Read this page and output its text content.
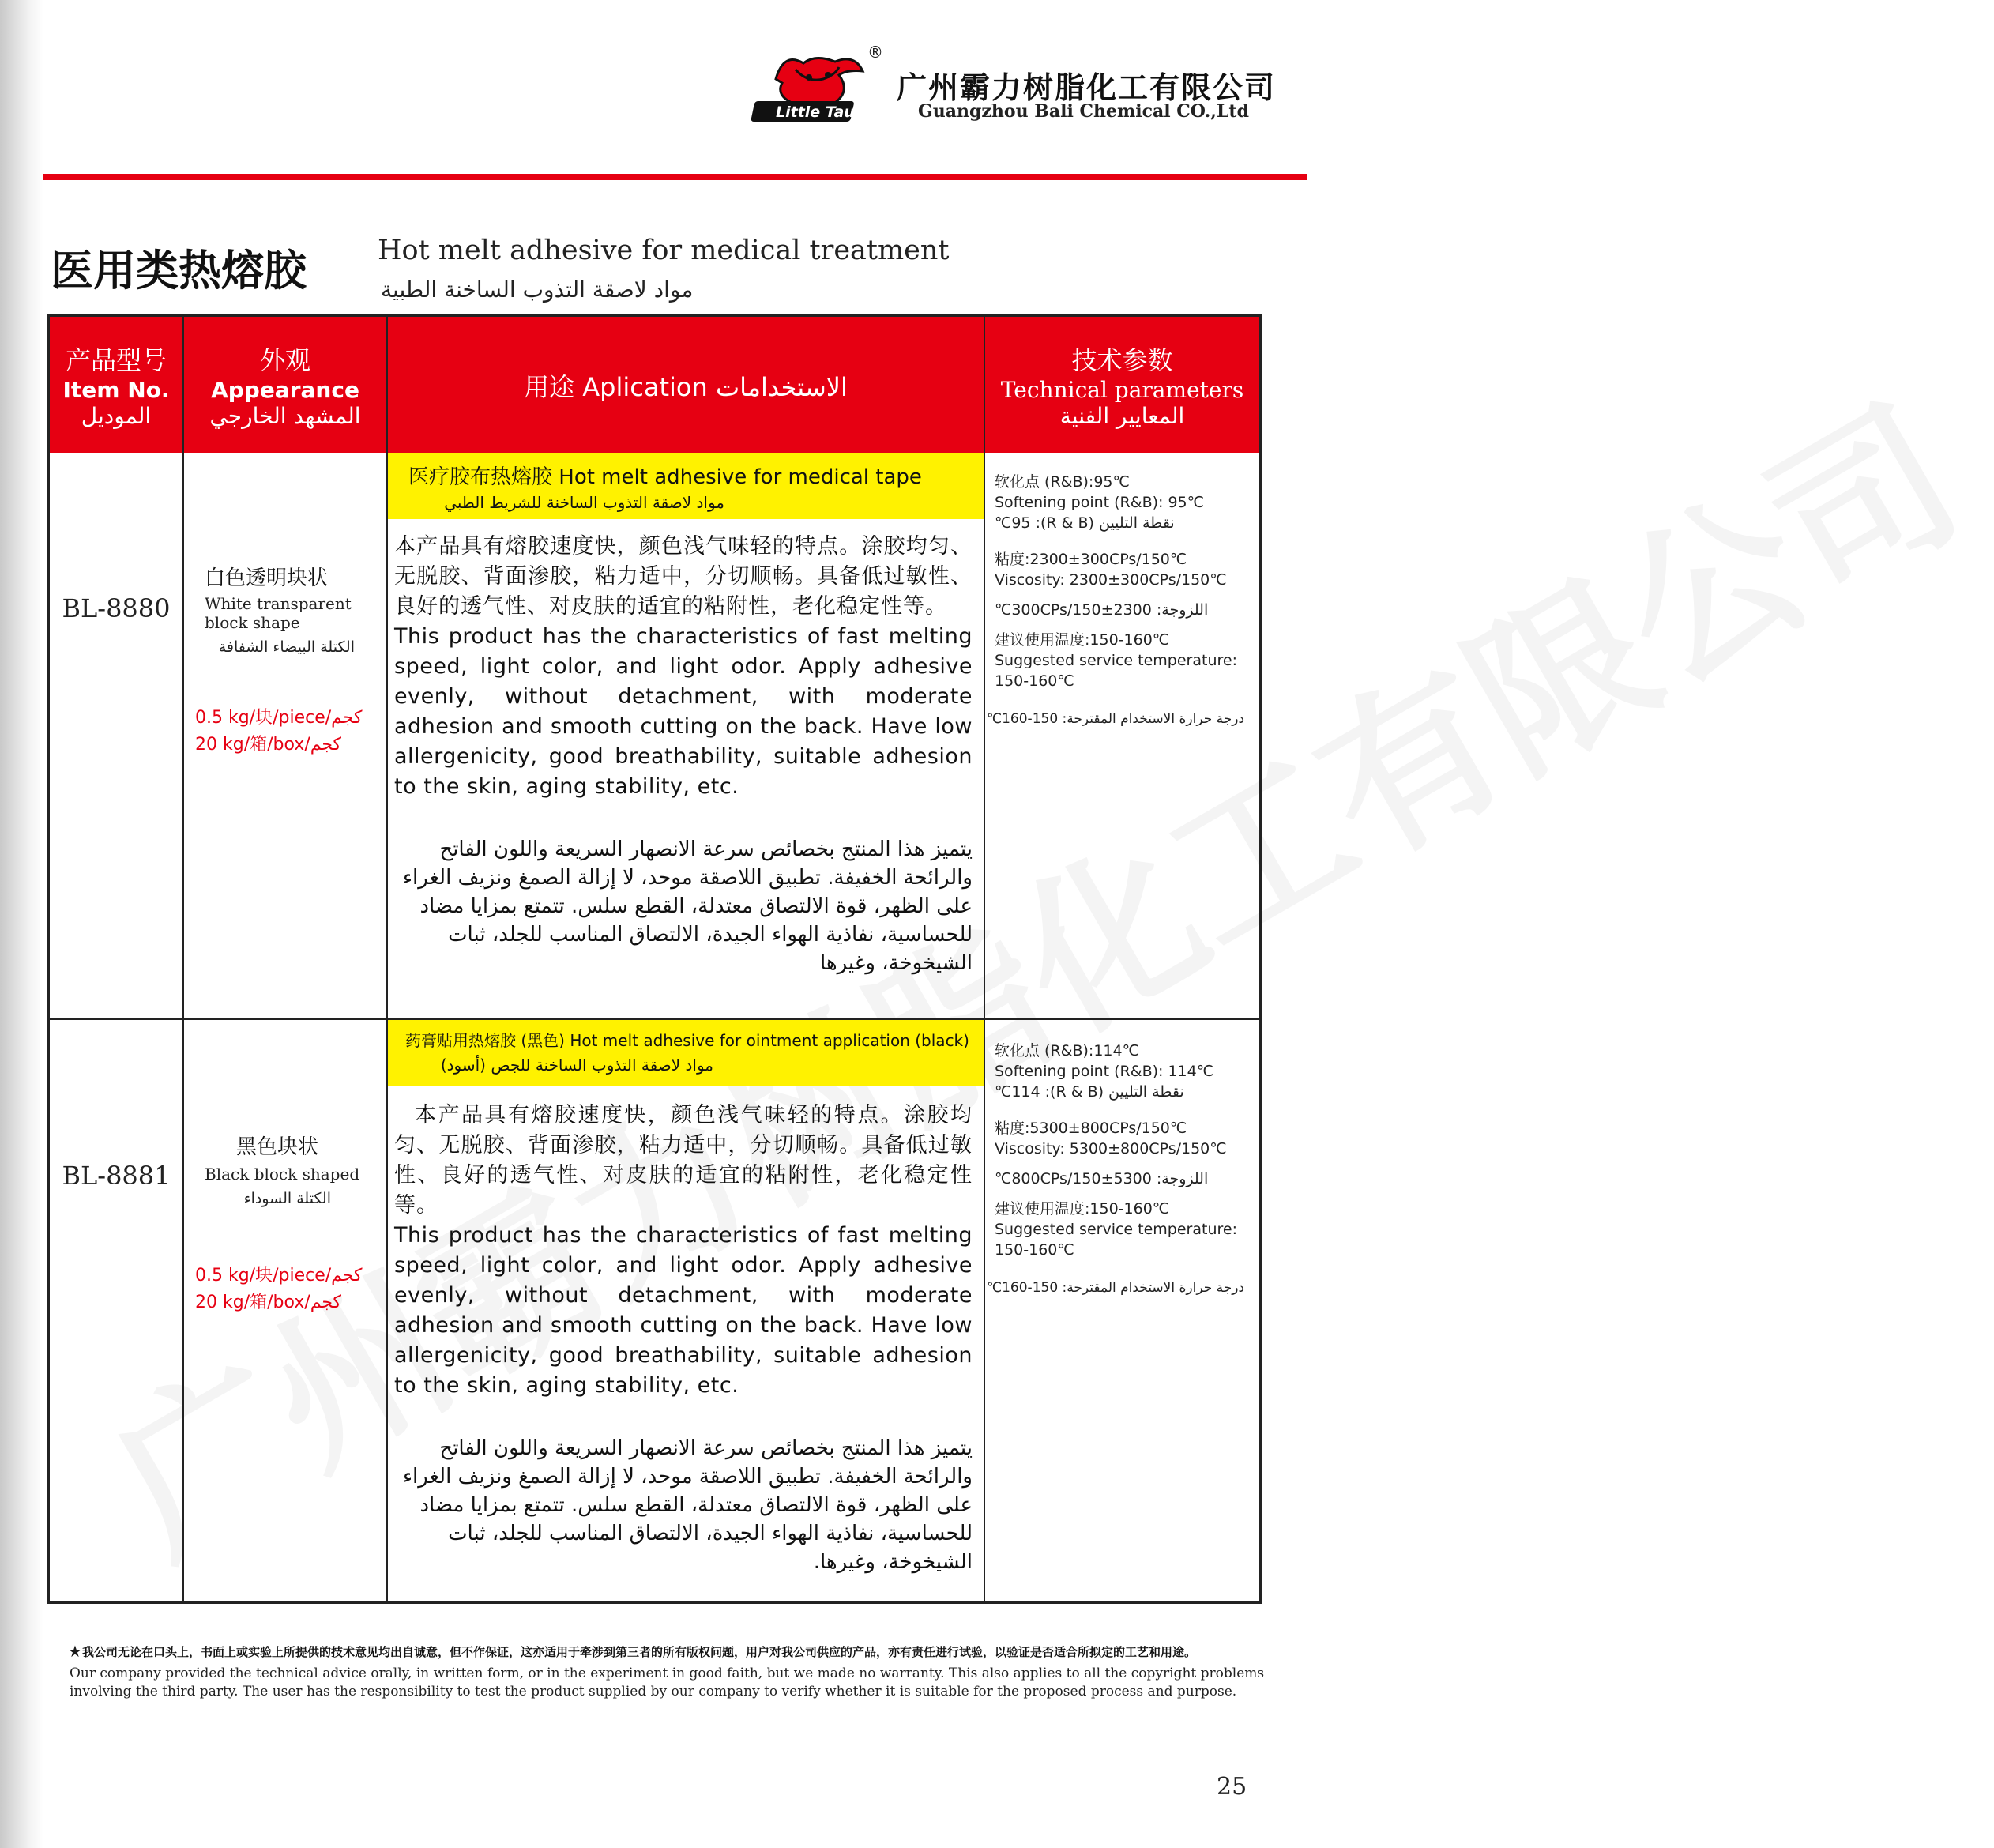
Little Taurus
®
广州霸力树脂化工有限公司
Guangzhou Bali Chemical CO.,Ltd
医用类热熔胶	Hot melt adhesive for medical treatment
مواد لاصقة التذوب الساخنة الطبية
产品型号
Item No.
الموديل
外观
Appearance
المشهد الخارجي
用途 Aplication الاستخدامات
技术参数
Technical parameters
المعايير الفنية
BL-8880
白色透明块状
White transparent block shape
الكتلة البيضاء الشفافة
0.5 kg/块/piece/كجم
20 kg/箱/box/كجم
医疗胶布热熔胶 Hot melt adhesive for medical tape
مواد لاصقة التذوب الساخنة للشريط الطبي
本产品具有熔胶速度快，颜色浅气味轻的特点。涂胶均匀、无脱胶、背面渗胶，粘力适中，分切顺畅。具备低过敏性、良好的透气性、对皮肤的适宜的粘附性，老化稳定性等。
This product has the characteristics of fast melting speed, light color, and light odor. Apply adhesive evenly, without detachment, with moderate adhesion and smooth cutting on the back. Have low allergenicity, good breathability, suitable adhesion to the skin, aging stability, etc.
يتميز هذا المنتج بخصائص سرعة الانصهار السريعة واللون الفاتح والرائحة الخفيفة. تطبيق اللاصقة موحد، لا إزالة الصمغ ونزيف الغراء على الظهر، قوة الالتصاق معتدلة، القطع سلس. تتمتع بمزايا مضاد للحساسية، نفاذية الهواء الجيدة، الالتصاق المناسب للجلد، ثبات الشيخوخة، وغيرها
软化点 (R&B):95℃
Softening point (R&B): 95℃
نقطة التليين (R & B): 95℃
粘度:2300±300CPs/150℃
Viscosity: 2300±300CPs/150℃
اللزوجة: 2300±300CPs/150℃
建议使用温度:150-160℃
Suggested service temperature:
150-160℃
درجة حرارة الاستخدام المقترحة: 150-160℃
BL-8881
黑色块状
Black block shaped
الكتلة السوداء
0.5 kg/块/piece/كجم
20 kg/箱/box/كجم
药膏贴用热熔胶 (黑色) Hot melt adhesive for ointment application (black)
مواد لاصقة التذوب الساخنة للجص (أسود)
本产品具有熔胶速度快，颜色浅气味轻的特点。涂胶均匀、无脱胶、背面渗胶，粘力适中，分切顺畅。具备低过敏性、良好的透气性、对皮肤的适宜的粘附性，老化稳定性等。
This product has the characteristics of fast melting speed, light color, and light odor. Apply adhesive evenly, without detachment, with moderate adhesion and smooth cutting on the back. Have low allergenicity, good breathability, suitable adhesion to the skin, aging stability, etc.
يتميز هذا المنتج بخصائص سرعة الانصهار السريعة واللون الفاتح والرائحة الخفيفة. تطبيق اللاصقة موحد، لا إزالة الصمغ ونزيف الغراء على الظهر، قوة الالتصاق معتدلة، القطع سلس. تتمتع بمزايا مضاد للحساسية، نفاذية الهواء الجيدة، الالتصاق المناسب للجلد، ثبات الشيخوخة، وغيرها.
软化点 (R&B):114℃
Softening point (R&B): 114℃
نقطة التليين (R & B): 114℃
粘度:5300±800CPs/150℃
Viscosity: 5300±800CPs/150℃
اللزوجة: 5300±800CPs/150℃
建议使用温度:150-160℃
Suggested service temperature:
150-160℃
درجة حرارة الاستخدام المقترحة: 150-160℃
★ 我公司无论在口头上，书面上或实验上所提供的技术意见均出自诚意，但不作保证，这亦适用于牵涉到第三者的所有版权问题，用户对我公司供应的产品，亦有责任进行试验，以验证是否适合所拟定的工艺和用途。
Our company provided the technical advice orally, in written form, or in the experiment in good faith, but we made no warranty. This also applies to all the copyright problems involving the third party. The user has the responsibility to test the product supplied by our company to verify whether it is suitable for the proposed process and purpose.
25
